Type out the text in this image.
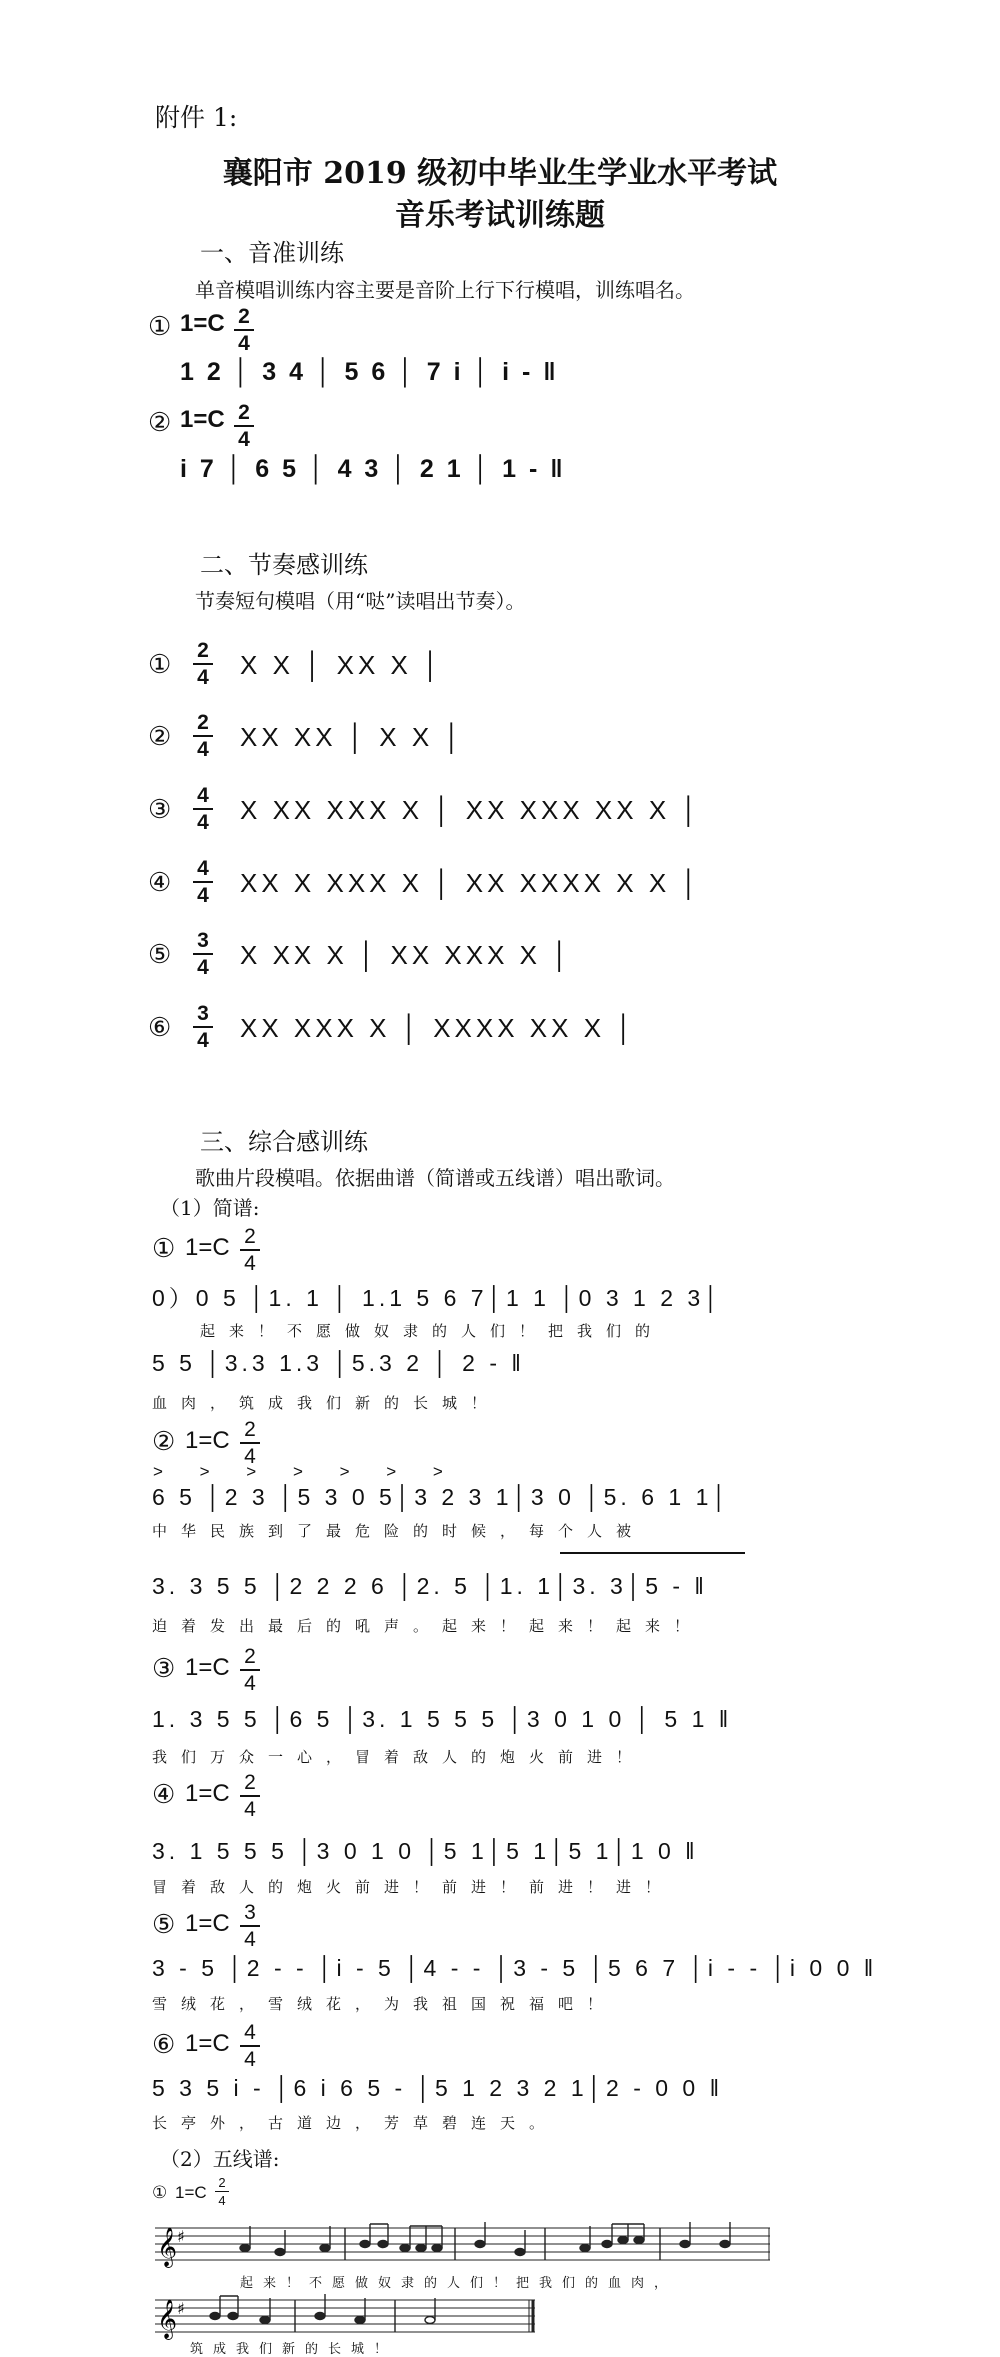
附件 1:
襄阳市 2019 级初中毕业生学业水平考试
音乐考试训练题
一、音准训练
单音模唱训练内容主要是音阶上行下行模唱，训练唱名。
① 1=C 2
4
1 2 │ 3 4 │ 5 6 │ 7 i │ i - ‖
② 1=C 2
4
i 7 │ 6 5 │ 4 3 │ 2 1 │ 1 - ‖
二、节奏感训练
节奏短句模唱（用“哒”读唱出节奏）。
① 2
4 X X │ XX X │
② 2
4 XX XX │ X X │
③ 4
4 X XX XXX X │ XX XXX XX X │
④ 4
4 XX X XXX X │ XX XXXX X X │
⑤ 3
4 X XX X │ XX XXX X │
⑥ 3
4 XX XXX X │ XXXX XX X │
三、综合感训练
歌曲片段模唱。依据曲谱（简谱或五线谱）唱出歌词。
（1）简谱:
① 1=C 2
4
0）0 5 │1. 1 │ 1.1 5 6 7│1 1 │0 3 1 2 3│
起来！不愿做奴隶的人们！把我们的
5 5 │3.3 1.3 │5.3 2 │ 2 - ‖
血肉，筑成我们新的长城！
② 1=C 2
4
> > > > > > >
6 5 │2 3 │5 3 0 5│3 2 3 1│3 0 │5. 6 1 1│
中华民族到了最危险的时候，每个人被
3. 3 5 5 │2 2 2 6 │2. 5 │1. 1│3. 3│5 - ‖
迫着发出最后的吼声。起来！起来！起来！
③ 1=C 2
4
1. 3 5 5 │6 5 │3. 1 5 5 5 │3 0 1 0 │ 5 1 ‖
我们万众一心，冒着敌人的炮火前进！
④ 1=C 2
4
3. 1 5 5 5 │3 0 1 0 │5 1│5 1│5 1│1 0 ‖
冒着敌人的炮火前进！前进！前进！进！
⑤ 1=C 3
4
3 - 5 │2 - - │i - 5 │4 - - │3 - 5 │5 6 7 │i - - │i 0 0 ‖
雪绒花，雪绒花，为我祖国祝福吧！
⑥ 1=C 4
4
5 3 5 i - │6 i 6 5 - │5 1 2 3 2 1│2 - 0 0 ‖
长亭外，古道边，芳草碧连天。
（2）五线谱:
① 1=C
2
4
𝄞 ♯
起来！不愿做奴隶的人们！把我们的血肉，
𝄞 ♯
筑成我们新的长城！
